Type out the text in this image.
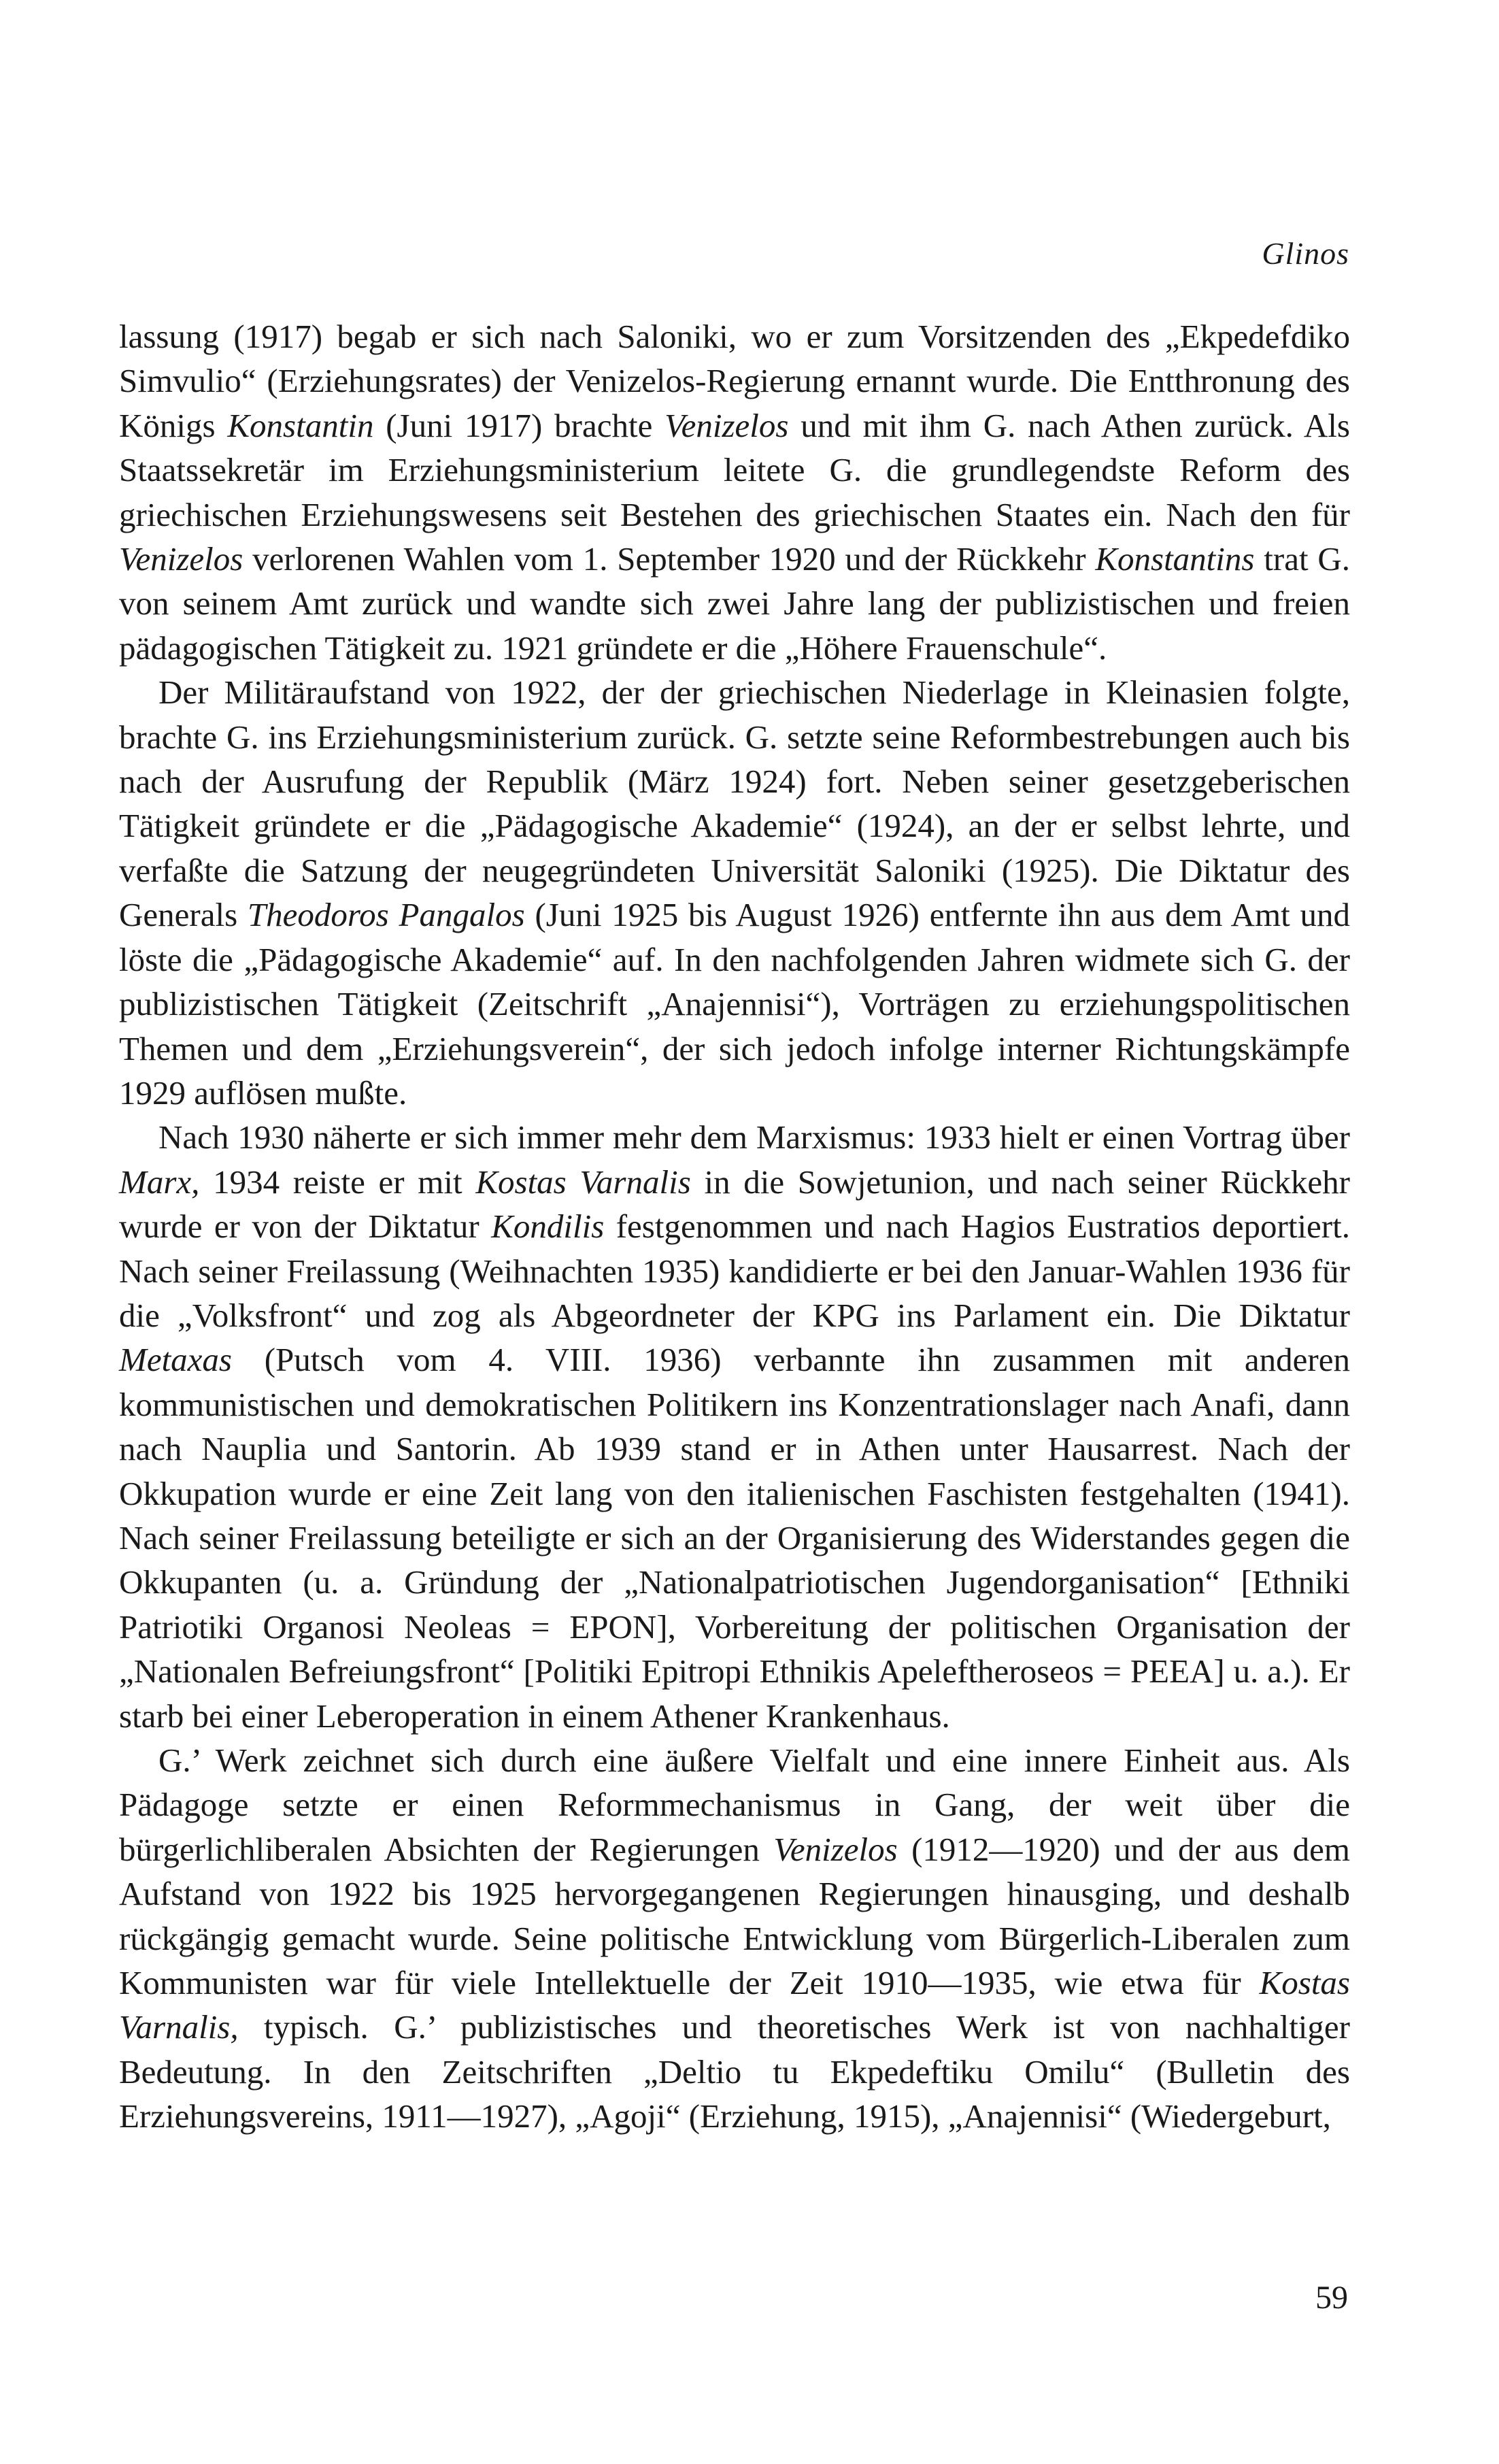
Glinos

lassung (1917) begab er sich nach Saloniki, wo er zum Vorsitzenden des „Ekpedefdiko Simvulio“ (Erziehungsrates) der Venizelos-Regierung ernannt wurde. Die Entthronung des Königs Konstantin (Juni 1917) brachte Venizelos und mit ihm G. nach Athen zurück. Als Staatssekretär im Erziehungsministerium leitete G. die grundlegendste Reform des griechischen Erziehungswesens seit Bestehen des griechischen Staates ein. Nach den für Venizelos verlorenen Wahlen vom 1. September 1920 und der Rückkehr Konstantins trat G. von seinem Amt zurück und wandte sich zwei Jahre lang der publizistischen und freien pädagogischen Tätigkeit zu. 1921 gründete er die „Höhere Frauenschule“.

Der Militäraufstand von 1922, der der griechischen Niederlage in Kleinasien folgte, brachte G. ins Erziehungsministerium zurück. G. setzte seine Reformbestrebungen auch bis nach der Ausrufung der Republik (März 1924) fort. Neben seiner gesetzgeberischen Tätigkeit gründete er die „Pädagogische Akademie“ (1924), an der er selbst lehrte, und verfaßte die Satzung der neugegründeten Universität Saloniki (1925). Die Diktatur des Generals Theodoros Pangalos (Juni 1925 bis August 1926) entfernte ihn aus dem Amt und löste die „Pädagogische Akademie“ auf. In den nachfolgenden Jahren widmete sich G. der publizistischen Tätigkeit (Zeitschrift „Anajennisi“), Vorträgen zu erziehungspolitischen Themen und dem „Erziehungsverein“, der sich jedoch infolge interner Richtungskämpfe 1929 auflösen mußte.

Nach 1930 näherte er sich immer mehr dem Marxismus: 1933 hielt er einen Vortrag über Marx, 1934 reiste er mit Kostas Varnalis in die Sowjetunion, und nach seiner Rückkehr wurde er von der Diktatur Kondilis festgenommen und nach Hagios Eustratios deportiert. Nach seiner Freilassung (Weihnachten 1935) kandidierte er bei den Januar-Wahlen 1936 für die „Volksfront“ und zog als Abgeordneter der KPG ins Parlament ein. Die Diktatur Metaxas (Putsch vom 4. VIII. 1936) verbannte ihn zusammen mit anderen kommunistischen und demokratischen Politikern ins Konzentrationslager nach Anafi, dann nach Nauplia und Santorin. Ab 1939 stand er in Athen unter Hausarrest. Nach der Okkupation wurde er eine Zeit lang von den italienischen Faschisten festgehalten (1941). Nach seiner Freilassung beteiligte er sich an der Organisierung des Widerstandes gegen die Okkupanten (u. a. Gründung der „Nationalpatriotischen Jugendorganisation“ [Ethniki Patriotiki Organosi Neoleas = EPON], Vorbereitung der politischen Organisation der „Nationalen Befreiungsfront“ [Politiki Epitropi Ethnikis Apeleftheroseos = PEEA] u. a.). Er starb bei einer Leberoperation in einem Athener Krankenhaus.

G.’ Werk zeichnet sich durch eine äußere Vielfalt und eine innere Einheit aus. Als Pädagoge setzte er einen Reformmechanismus in Gang, der weit über die bürgerlichliberalen Absichten der Regierungen Venizelos (1912—1920) und der aus dem Aufstand von 1922 bis 1925 hervorgegangenen Regierungen hinausging, und deshalb rückgängig gemacht wurde. Seine politische Entwicklung vom Bürgerlich-Liberalen zum Kommunisten war für viele Intellektuelle der Zeit 1910—1935, wie etwa für Kostas Varnalis, typisch. G.’ publizistisches und theoretisches Werk ist von nachhaltiger Bedeutung. In den Zeitschriften „Deltio tu Ekpedeftiku Omilu“ (Bulletin des Erziehungsvereins, 1911—1927), „Agoji“ (Erziehung, 1915), „Anajennisi“ (Wiedergeburt,

59
